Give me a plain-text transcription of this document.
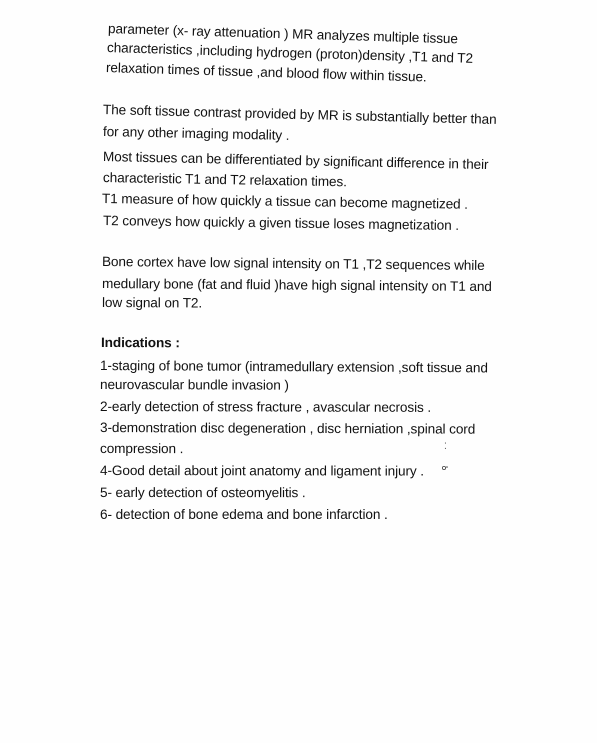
parameter (x- ray attenuation ) MR analyzes multiple tissue
characteristics ,including hydrogen (proton)density ,T1 and T2
relaxation times of tissue ,and blood flow within tissue.
The soft tissue contrast provided by MR is substantially better than
for any other imaging modality .
Most tissues can be differentiated by significant difference in their
characteristic T1 and T2 relaxation times.
T1 measure of how quickly a tissue can become magnetized .
T2 conveys how quickly a given tissue loses magnetization .
Bone cortex have low signal intensity on T1 ,T2 sequences while
medullary bone (fat and fluid )have high signal intensity on T1 and
low signal on T2.
Indications :
1-staging of bone tumor (intramedullary extension ,soft tissue and
neurovascular bundle invasion )
2-early detection of stress fracture , avascular necrosis .
3-demonstration disc degeneration , disc herniation ,spinal cord
compression .
4-Good detail about joint anatomy and ligament injury .
5- early detection of osteomyelitis .
6- detection of bone edema and bone infarction .
⁚
